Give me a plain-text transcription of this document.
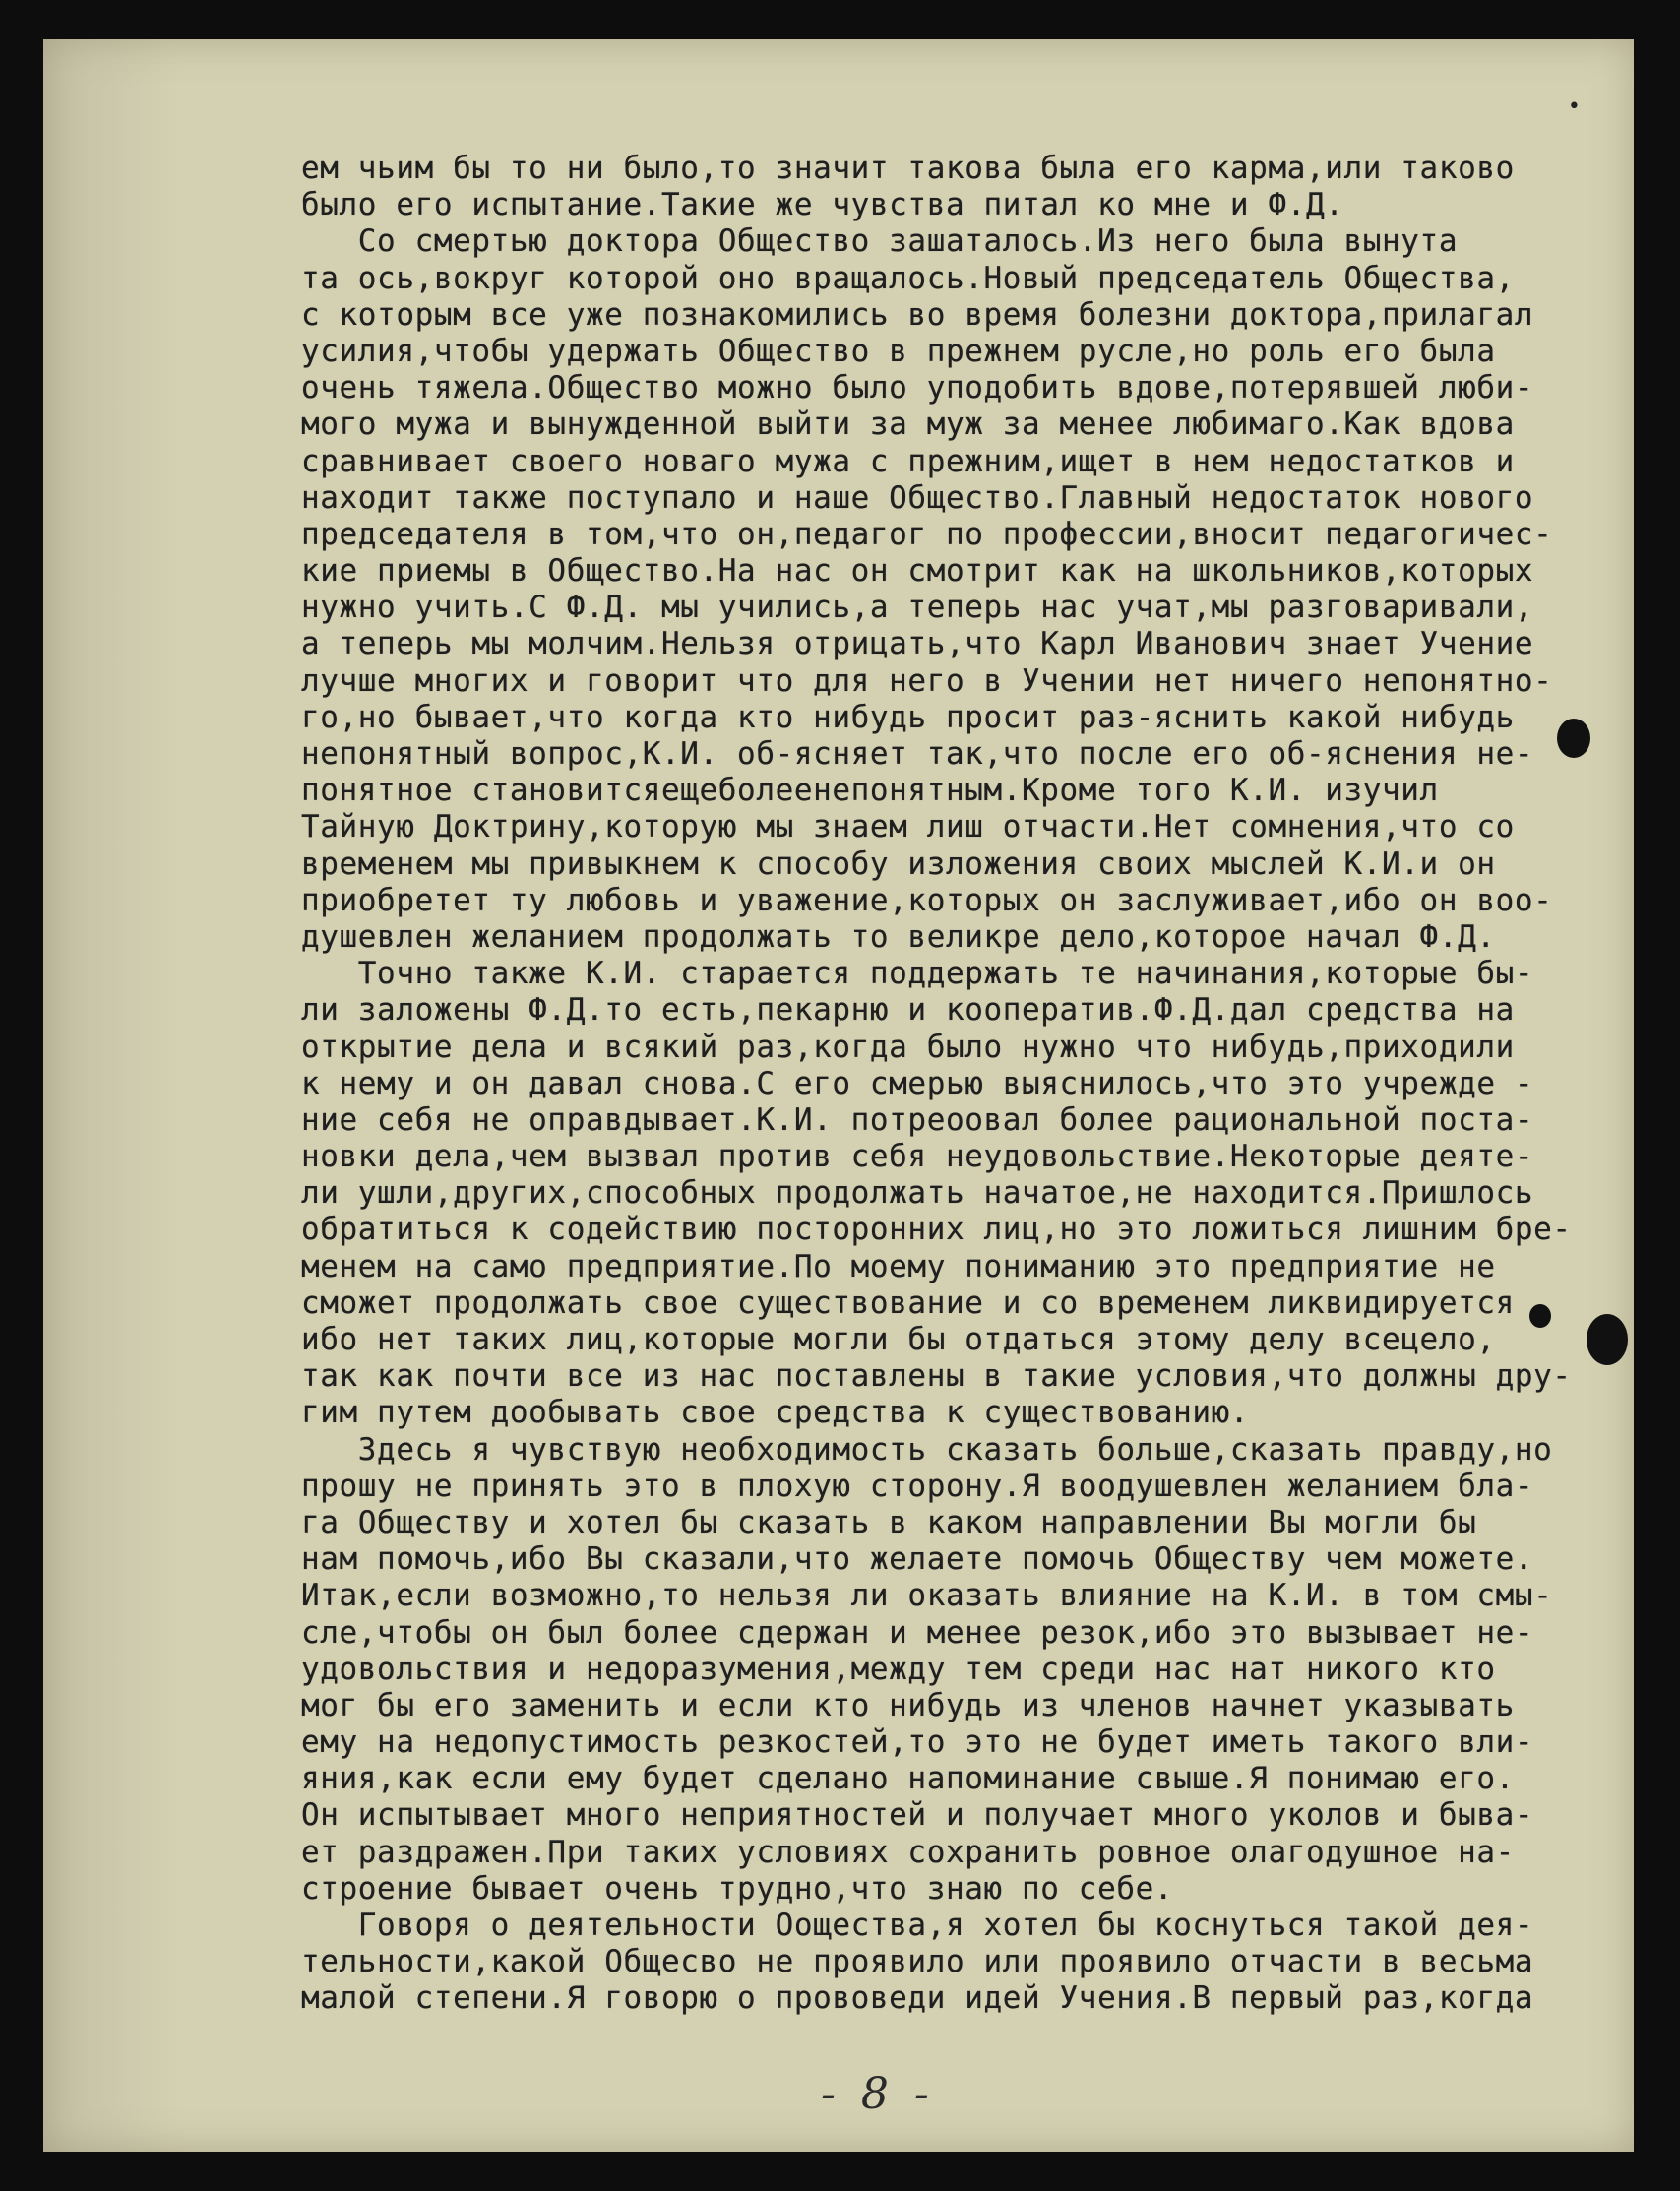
•
ем чьим бы то ни было,то значит такова была его карма,или таково
было его испытание.Такие же чувства питал ко мне и Ф.Д.
Со смертью доктора Общество зашаталось.Из него была вынута
та ось,вокруг которой оно вращалось.Новый председатель Общества,
с которым все уже познакомились во время болезни доктора,прилагал
усилия,чтобы удержать Общество в прежнем русле,но роль его была
очень тяжела.Общество можно было уподобить вдове,потерявшей люби-
мого мужа и вынужденной выйти за муж за менее любимаго.Как вдова
сравнивает своего новаго мужа с прежним,ищет в нем недостатков и
находит также поступало и наше Общество.Главный недостаток нового
председателя в том,что он,педагог по профессии,вносит педагогичес-
кие приемы в Общество.На нас он смотрит как на школьников,которых
нужно учить.С Ф.Д. мы учились,а теперь нас учат,мы разговаривали,
а теперь мы молчим.Нельзя отрицать,что Карл Иванович знает Учение
лучше многих и говорит что для него в Учении нет ничего непонятно-
го,но бывает,что когда кто нибудь просит раз-яснить какой нибудь
непонятный вопрос,К.И. об-ясняет так,что после его об-яснения не-
понятное становитсяещеболеенепонятным.Кроме того К.И. изучил
Тайную Доктрину,которую мы знаем лиш отчасти.Нет сомнения,что со
временем мы привыкнем к способу изложения своих мыслей К.И.и он
приобретет ту любовь и уважение,которых он заслуживает,ибо он воо-
душевлен желанием продолжать то великре дело,которое начал Ф.Д.
Точно также К.И. старается поддержать те начинания,которые бы-
ли заложены Ф.Д.то есть,пекарню и кооператив.Ф.Д.дал средства на
открытие дела и всякий раз,когда было нужно что нибудь,приходили
к нему и он давал снова.С его смерью выяснилось,что это учрежде -
ние себя не оправдывает.К.И. потреоовал более рациональной поста-
новки дела,чем вызвал против себя неудовольствие.Некоторые деяте-
ли ушли,других,способных продолжать начатое,не находится.Пришлось
обратиться к содействию посторонних лиц,но это ложиться лишним бре-
менем на само предприятие.По моему пониманию это предприятие не
сможет продолжать свое существование и со временем ликвидируется
ибо нет таких лиц,которые могли бы отдаться этому делу всецело,
так как почти все из нас поставлены в такие условия,что должны дру-
гим путем дообывать свое средства к существованию.
Здесь я чувствую необходимость сказать больше,сказать правду,но
прошу не принять это в плохую сторону.Я воодушевлен желанием бла-
га Обществу и хотел бы сказать в каком направлении Вы могли бы
нам помочь,ибо Вы сказали,что желаете помочь Обществу чем можете.
Итак,если возможно,то нельзя ли оказать влияние на К.И. в том смы-
сле,чтобы он был более сдержан и менее резок,ибо это вызывает не-
удовольствия и недоразумения,между тем среди нас нат никого кто
мог бы его заменить и если кто нибудь из членов начнет указывать
ему на недопустимость резкостей,то это не будет иметь такого вли-
яния,как если ему будет сделано напоминание свыше.Я понимаю его.
Он испытывает много неприятностей и получает много уколов и быва-
ет раздражен.При таких условиях сохранить ровное олагодушное на-
строение бывает очень трудно,что знаю по себе.
Говоря о деятельности Оощества,я хотел бы коснуться такой дея-
тельности,какой Общесво не проявило или проявило отчасти в весьма
малой степени.Я говорю о прововеди идей Учения.В первый раз,когда
- 8 -
